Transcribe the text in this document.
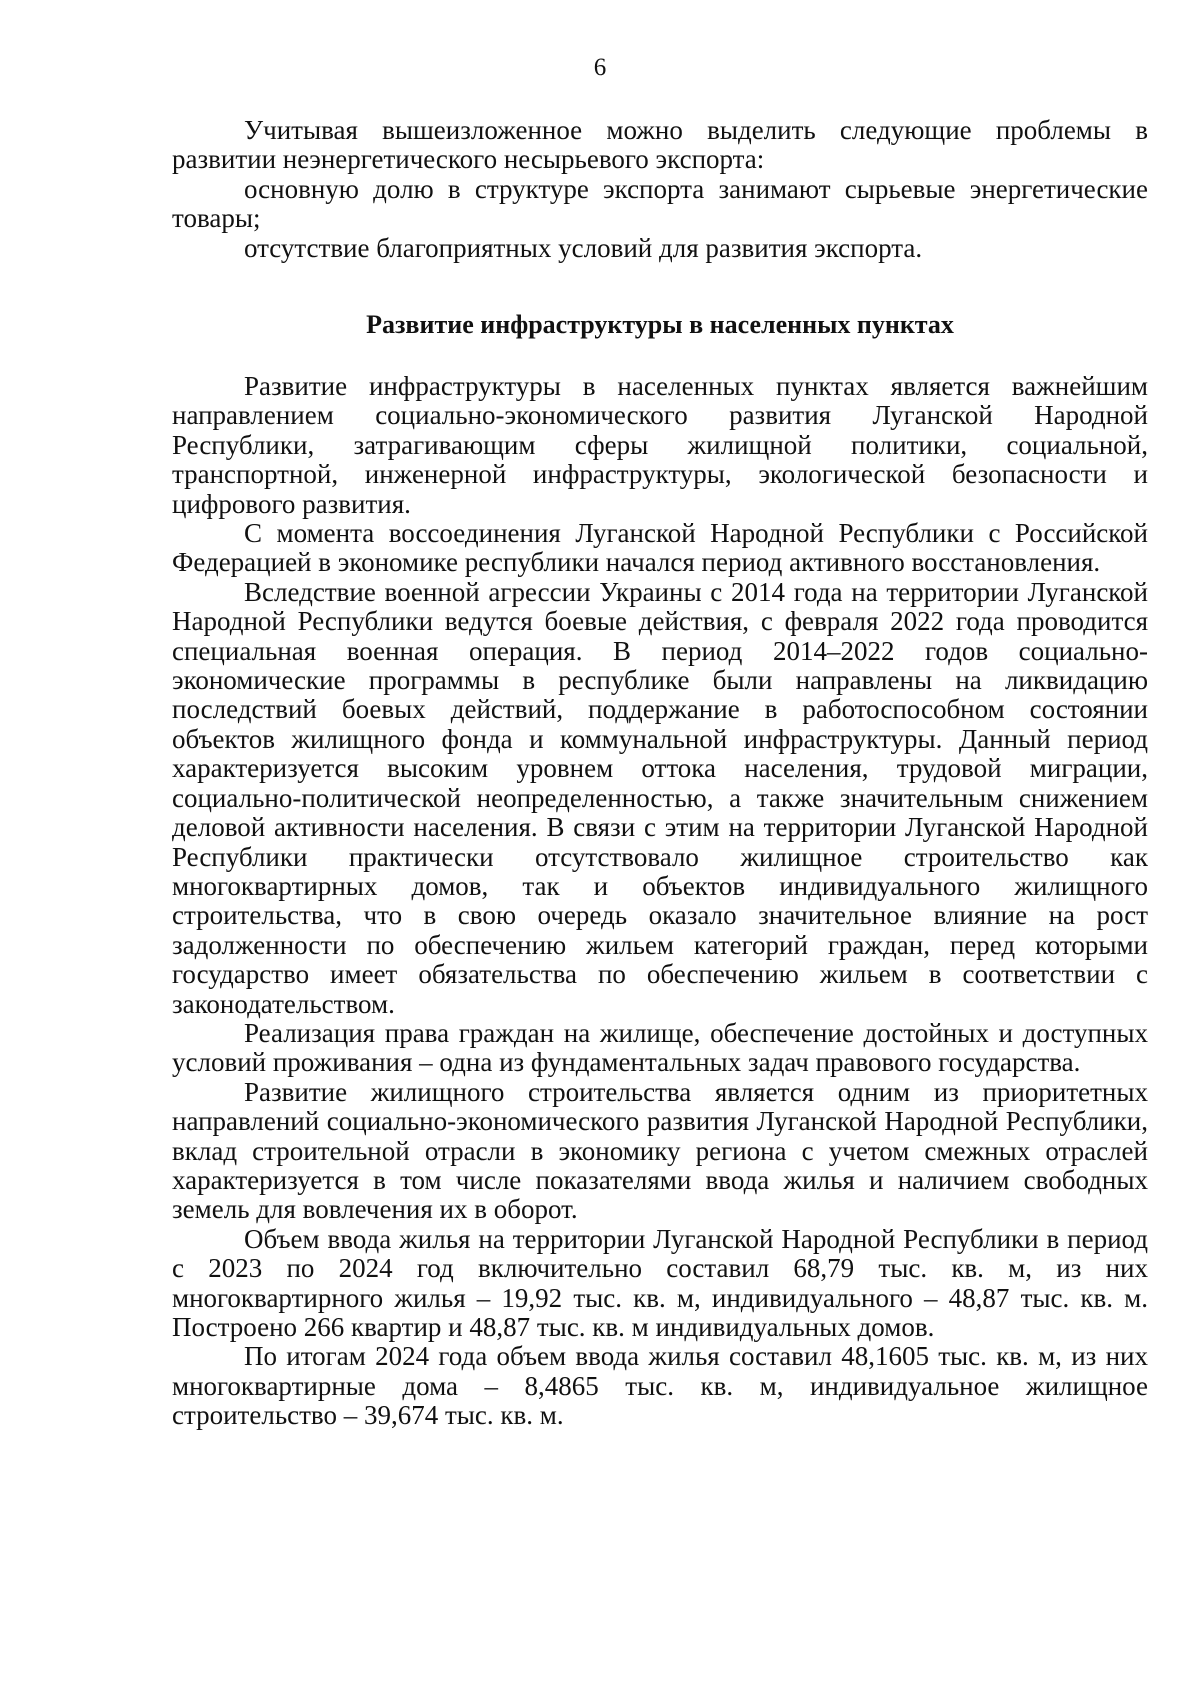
6

Учитывая вышеизложенное можно выделить следующие проблемы в развитии неэнергетического несырьевого экспорта:

основную долю в структуре экспорта занимают сырьевые энергетические товары;

отсутствие благоприятных условий для развития экспорта.

Развитие инфраструктуры в населенных пунктах

Развитие инфраструктуры в населенных пунктах является важнейшим направлением социально-экономического развития Луганской Народной Республики, затрагивающим сферы жилищной политики, социальной, транспортной, инженерной инфраструктуры, экологической безопасности и цифрового развития.

С момента воссоединения Луганской Народной Республики с Российской Федерацией в экономике республики начался период активного восстановления.

Вследствие военной агрессии Украины с 2014 года на территории Луганской Народной Республики ведутся боевые действия, с февраля 2022 года проводится специальная военная операция. В период 2014–2022 годов социально-экономические программы в республике были направлены на ликвидацию последствий боевых действий, поддержание в работоспособном состоянии объектов жилищного фонда и коммунальной инфраструктуры. Данный период характеризуется высоким уровнем оттока населения, трудовой миграции, социально-политической неопределенностью, а также значительным снижением деловой активности населения. В связи с этим на территории Луганской Народной Республики практически отсутствовало жилищное строительство как многоквартирных домов, так и объектов индивидуального жилищного строительства, что в свою очередь оказало значительное влияние на рост задолженности по обеспечению жильем категорий граждан, перед которыми государство имеет обязательства по обеспечению жильем в соответствии с законодательством.

Реализация права граждан на жилище, обеспечение достойных и доступных условий проживания – одна из фундаментальных задач правового государства.

Развитие жилищного строительства является одним из приоритетных направлений социально-экономического развития Луганской Народной Республики, вклад строительной отрасли в экономику региона с учетом смежных отраслей характеризуется в том числе показателями ввода жилья и наличием свободных земель для вовлечения их в оборот.

Объем ввода жилья на территории Луганской Народной Республики в период с 2023 по 2024 год включительно составил 68,79 тыс. кв. м, из них многоквартирного жилья – 19,92 тыс. кв. м, индивидуального – 48,87 тыс. кв. м. Построено 266 квартир и 48,87 тыс. кв. м индивидуальных домов.

По итогам 2024 года объем ввода жилья составил 48,1605 тыс. кв. м, из них многоквартирные дома – 8,4865 тыс. кв. м, индивидуальное жилищное строительство – 39,674 тыс. кв. м.
